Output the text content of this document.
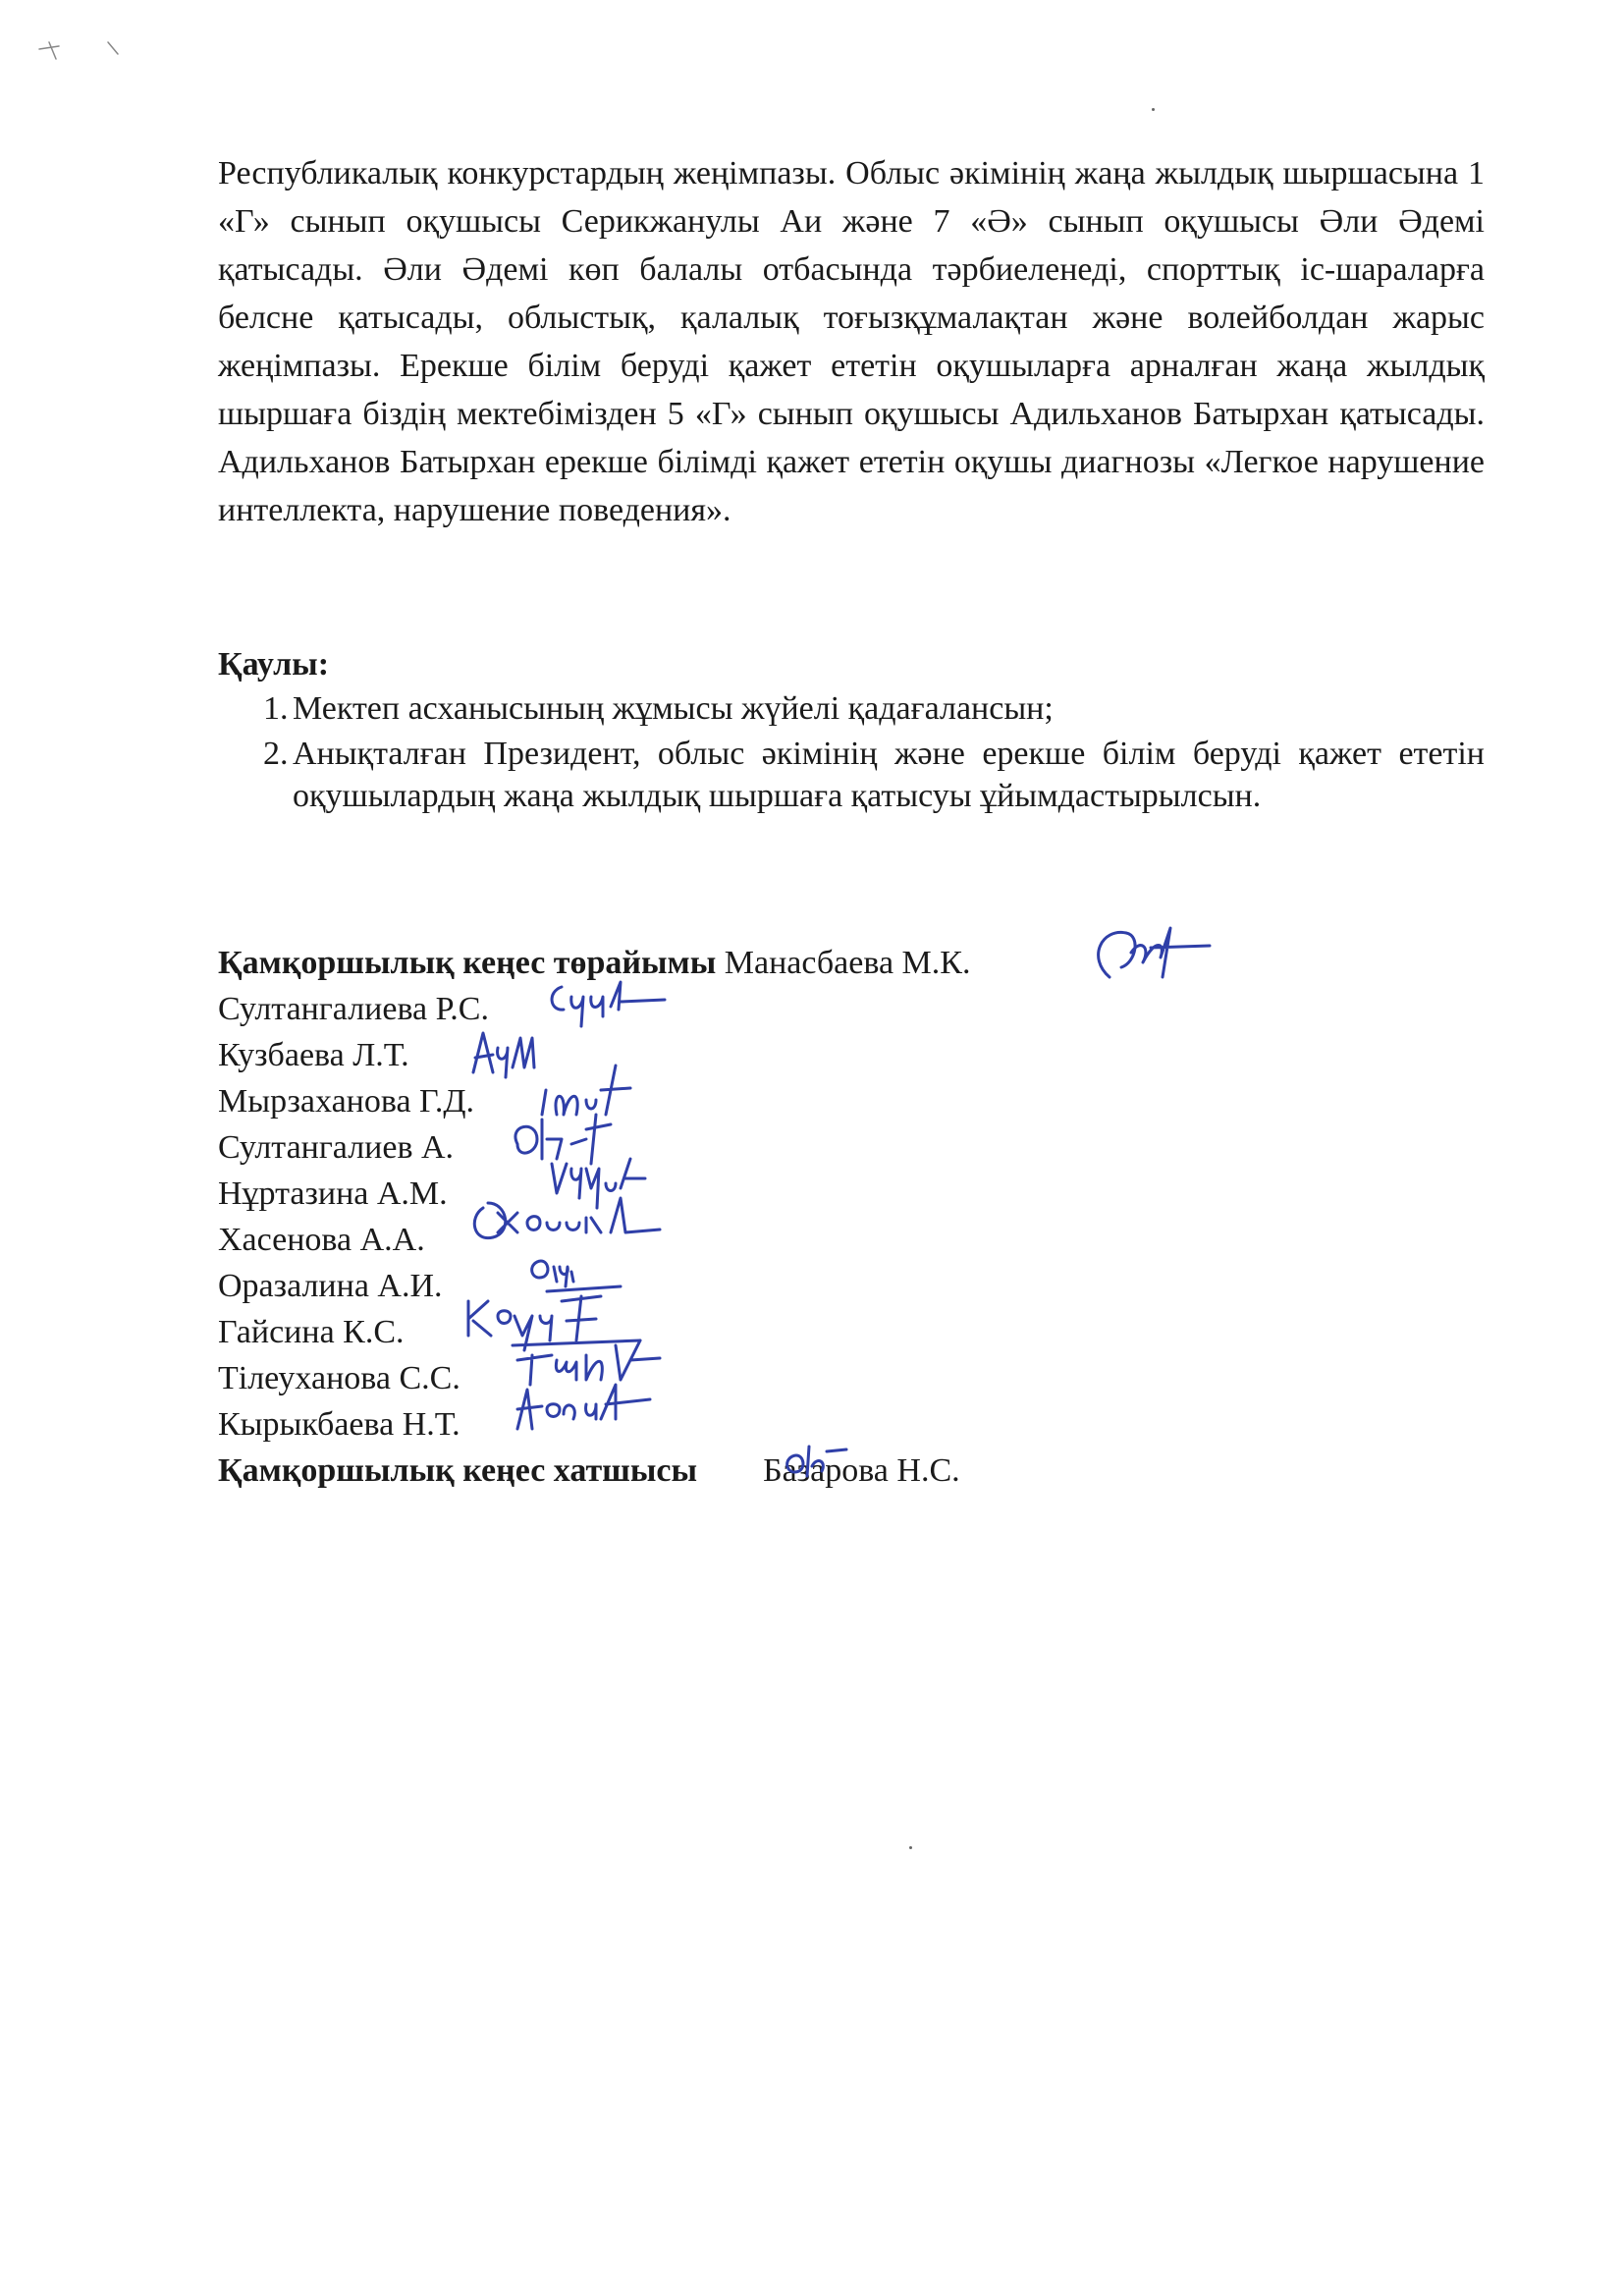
Республикалық конкурстардың жеңімпазы. Облыс әкімінің жаңа жылдық шыршасына 1 «Г» сынып оқушысы Серикжанулы Аи және 7 «Ә» сынып оқушысы Әли Әдемі қатысады. Әли Әдемі көп балалы отбасында тәрбиеленеді, спорттық іс-шараларға белсне қатысады, облыстық, қалалық тоғызқұмалақтан және волейболдан жарыс жеңімпазы. Ерекше білім беруді қажет ететін оқушыларға арналған жаңа жылдық шыршаға біздің мектебімізден 5 «Г» сынып оқушысы Адильханов Батырхан қатысады. Адильханов Батырхан ерекше білімді қажет ететін оқушы диагнозы «Легкое нарушение интеллекта, нарушение поведения».

Қаулы:
1. Мектеп асханысының жұмысы жүйелі қадағалансын;
2. Анықталған Президент, облыс әкімінің және ерекше білім беруді қажет ететін оқушылардың жаңа жылдық шыршаға қатысуы ұйымдастырылсын.
Қамқоршылық кеңес төрайымы Манасбаева М.К.
Султангалиева Р.С.
Кузбаева Л.Т.
Мырзаханова Г.Д.
Султангалиев А.
Нұртазина А.М.
Хасенова А.А.
Оразалина А.И.
Гайсина К.С.
Тілеуханова С.С.
Кырыкбаева Н.Т.
Қамқоршылық кеңес хатшысы Базарова Н.С.
